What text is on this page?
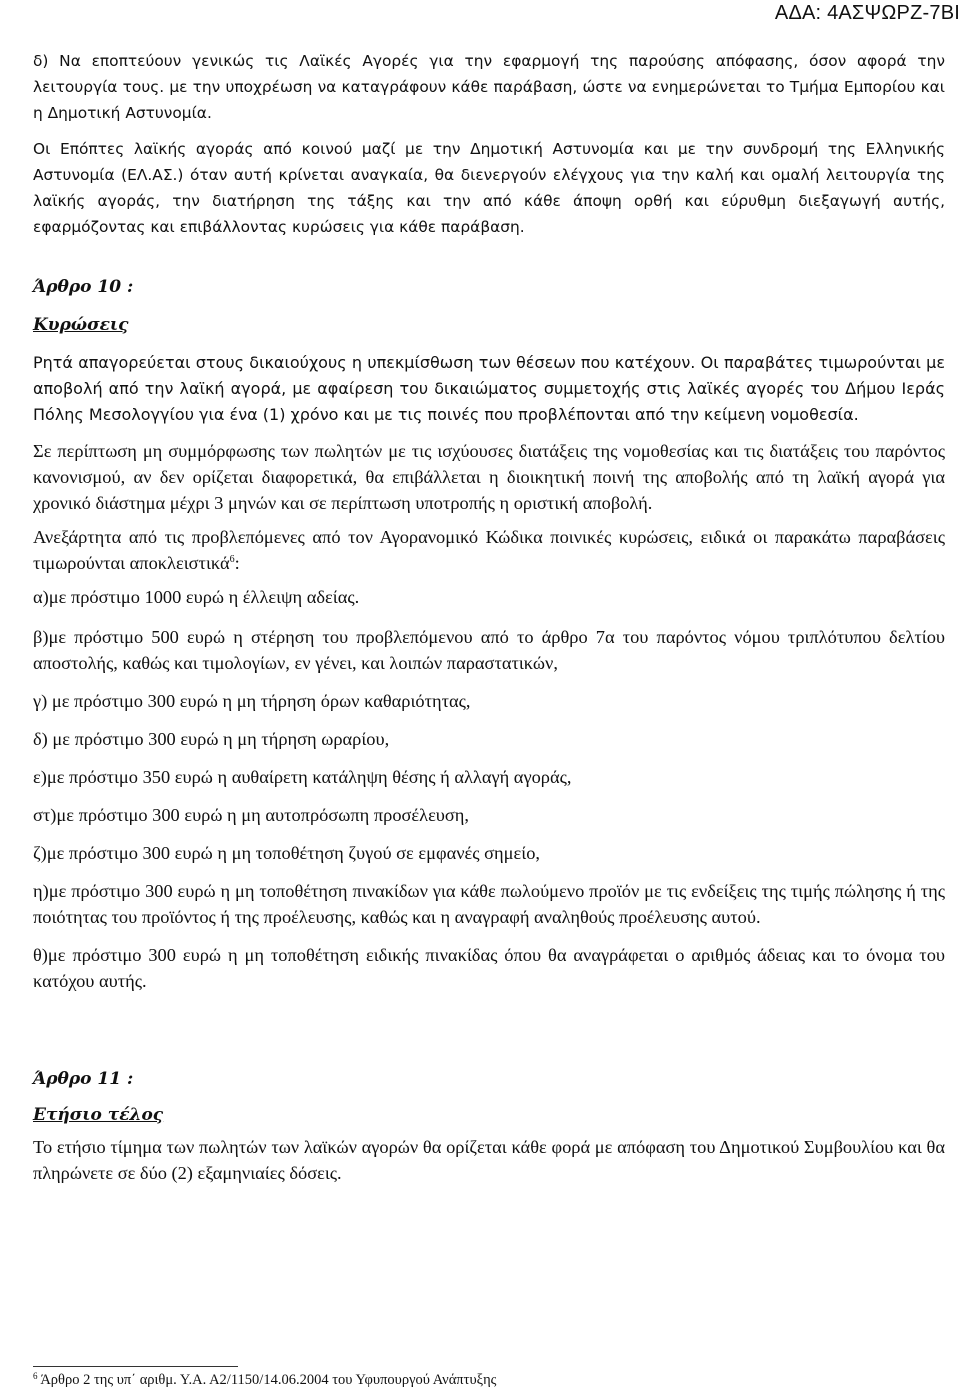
ΑΔΑ: 4ΑΣΨΩΡΖ-7ΒΙ

δ) Να εποπτεύουν γενικώς τις Λαϊκές Αγορές για την εφαρμογή της παρούσης απόφασης, όσον αφορά την λειτουργία τους. με την υποχρέωση να καταγράφουν κάθε παράβαση, ώστε να ενημερώνεται το Τμήμα Εμπορίου και η Δημοτική Αστυνομία.

Οι Επόπτες λαϊκής αγοράς από κοινού μαζί με την Δημοτική Αστυνομία και με την συνδρομή της Ελληνικής Αστυνομία (ΕΛ.ΑΣ.) όταν αυτή κρίνεται αναγκαία, θα διενεργούν ελέγχους για την καλή και ομαλή λειτουργία της λαϊκής αγοράς, την διατήρηση της τάξης και την από κάθε άποψη ορθή και εύρυθμη διεξαγωγή αυτής, εφαρμόζοντας και επιβάλλοντας κυρώσεις για κάθε παράβαση.

Άρθρο 10 :
Κυρώσεις

Ρητά απαγορεύεται στους δικαιούχους η υπεκμίσθωση των θέσεων που κατέχουν. Οι παραβάτες τιμωρούνται με αποβολή από την λαϊκή αγορά, με αφαίρεση του δικαιώματος συμμετοχής στις λαϊκές αγορές του Δήμου Ιεράς Πόλης Μεσολογγίου για ένα (1) χρόνο και με τις ποινές που προβλέπονται από την κείμενη νομοθεσία.

Σε περίπτωση μη συμμόρφωσης των πωλητών με τις ισχύουσες διατάξεις της νομοθεσίας και τις διατάξεις του παρόντος κανονισμού, αν δεν ορίζεται διαφορετικά, θα επιβάλλεται η διοικητική ποινή της αποβολής από τη λαϊκή αγορά για χρονικό διάστημα μέχρι 3 μηνών και σε περίπτωση υποτροπής η οριστική αποβολή.

Ανεξάρτητα από τις προβλεπόμενες από τον Αγορανομικό Κώδικα ποινικές κυρώσεις, ειδικά οι παρακάτω παραβάσεις τιμωρούνται αποκλειστικά$^6$:

α)με πρόστιμο 1000 ευρώ η έλλειψη αδείας.

β)με πρόστιμο 500 ευρώ η στέρηση του προβλεπόμενου από το άρθρο 7α του παρόντος νόμου τριπλότυπου δελτίου αποστολής, καθώς και τιμολογίων, εν γένει, και λοιπών παραστατικών,

γ) με πρόστιμο 300 ευρώ η μη τήρηση όρων καθαριότητας,

δ) με πρόστιμο 300 ευρώ η μη τήρηση ωραρίου,

ε)με πρόστιμο 350 ευρώ η αυθαίρετη κατάληψη θέσης ή αλλαγή αγοράς,

στ)με πρόστιμο 300 ευρώ η μη αυτοπρόσωπη προσέλευση,

ζ)με πρόστιμο 300 ευρώ η μη τοποθέτηση ζυγού σε εμφανές σημείο,

η)με πρόστιμο 300 ευρώ η μη τοποθέτηση πινακίδων για κάθε πωλούμενο προϊόν με τις ενδείξεις της τιμής πώλησης ή της ποιότητας του προϊόντος ή της προέλευσης, καθώς και η αναγραφή αναληθούς προέλευσης αυτού.

θ)με πρόστιμο 300 ευρώ η μη τοποθέτηση ειδικής πινακίδας όπου θα αναγράφεται ο αριθμός άδειας και το όνομα του κατόχου αυτής.

Άρθρο 11 :
Ετήσιο τέλος

Το ετήσιο τίμημα των πωλητών των λαϊκών αγορών θα ορίζεται κάθε φορά με απόφαση του Δημοτικού Συμβουλίου και θα πληρώνετε σε δύο (2) εξαμηνιαίες δόσεις.

$^6$ Άρθρο 2 της υπ΄ αριθμ. Υ.Α. Α2/1150/14.06.2004 του Υφυπουργού Ανάπτυξης
